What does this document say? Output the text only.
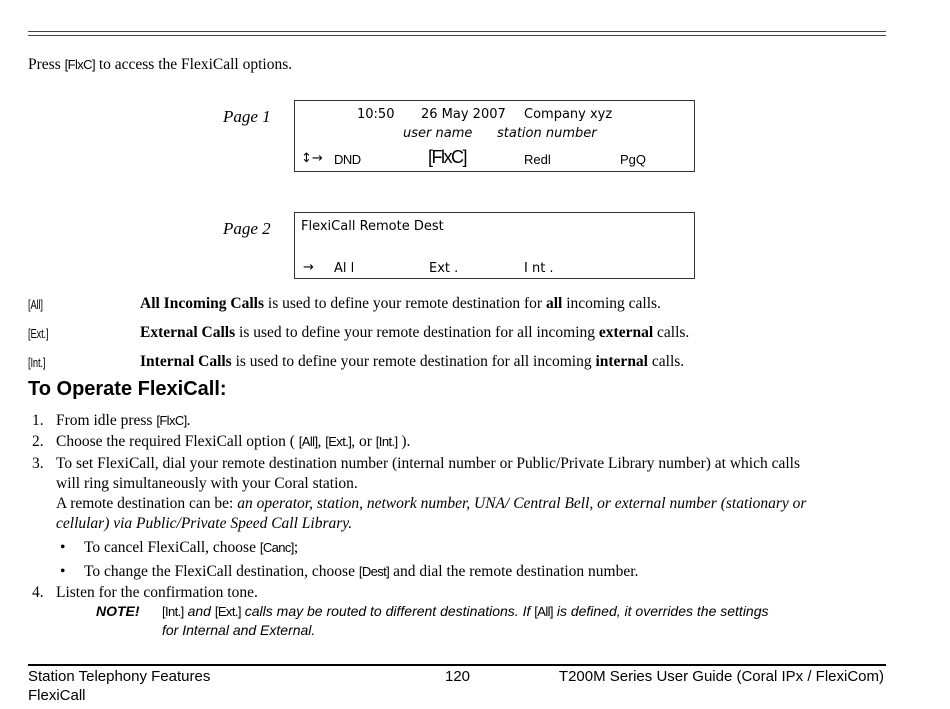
Press [FlxC] to access the FlexiCall options.
Page 1	10:50 26 May 2007 Company xyz
user name station number
↕→ DND	[FlxC]	Redl	PgQ
Page 2 FlexiCall Remote Dest
→ Al l	Ext .	I nt .
[All]	All Incoming Calls is used to define your remote destination for all incoming calls.
[Ext.]	External Calls is used to define your remote destination for all incoming external calls.
[Int.]	Internal Calls is used to define your remote destination for all incoming internal calls.
To Operate FlexiCall:
1. From idle press [FlxC].
2. Choose the required FlexiCall option ( [All], [Ext.], or [Int.] ).
3. To set FlexiCall, dial your remote destination number (internal number or Public/Private Library number) at which calls
will ring simultaneously with your Coral station.
A remote destination can be: an operator, station, network number, UNA/ Central Bell, or external number (stationary or
cellular) via Public/Private Speed Call Library.
• To cancel FlexiCall, choose [Canc];
• To change the FlexiCall destination, choose [Dest] and dial the remote destination number.
4. Listen for the confirmation tone.
NOTE! [Int.] and [Ext.] calls may be routed to different destinations. If [All] is defined, it overrides the settings
for Internal and External.
Station Telephony Features
FlexiCall
120	T200M Series User Guide (Coral IPx / FlexiCom)
